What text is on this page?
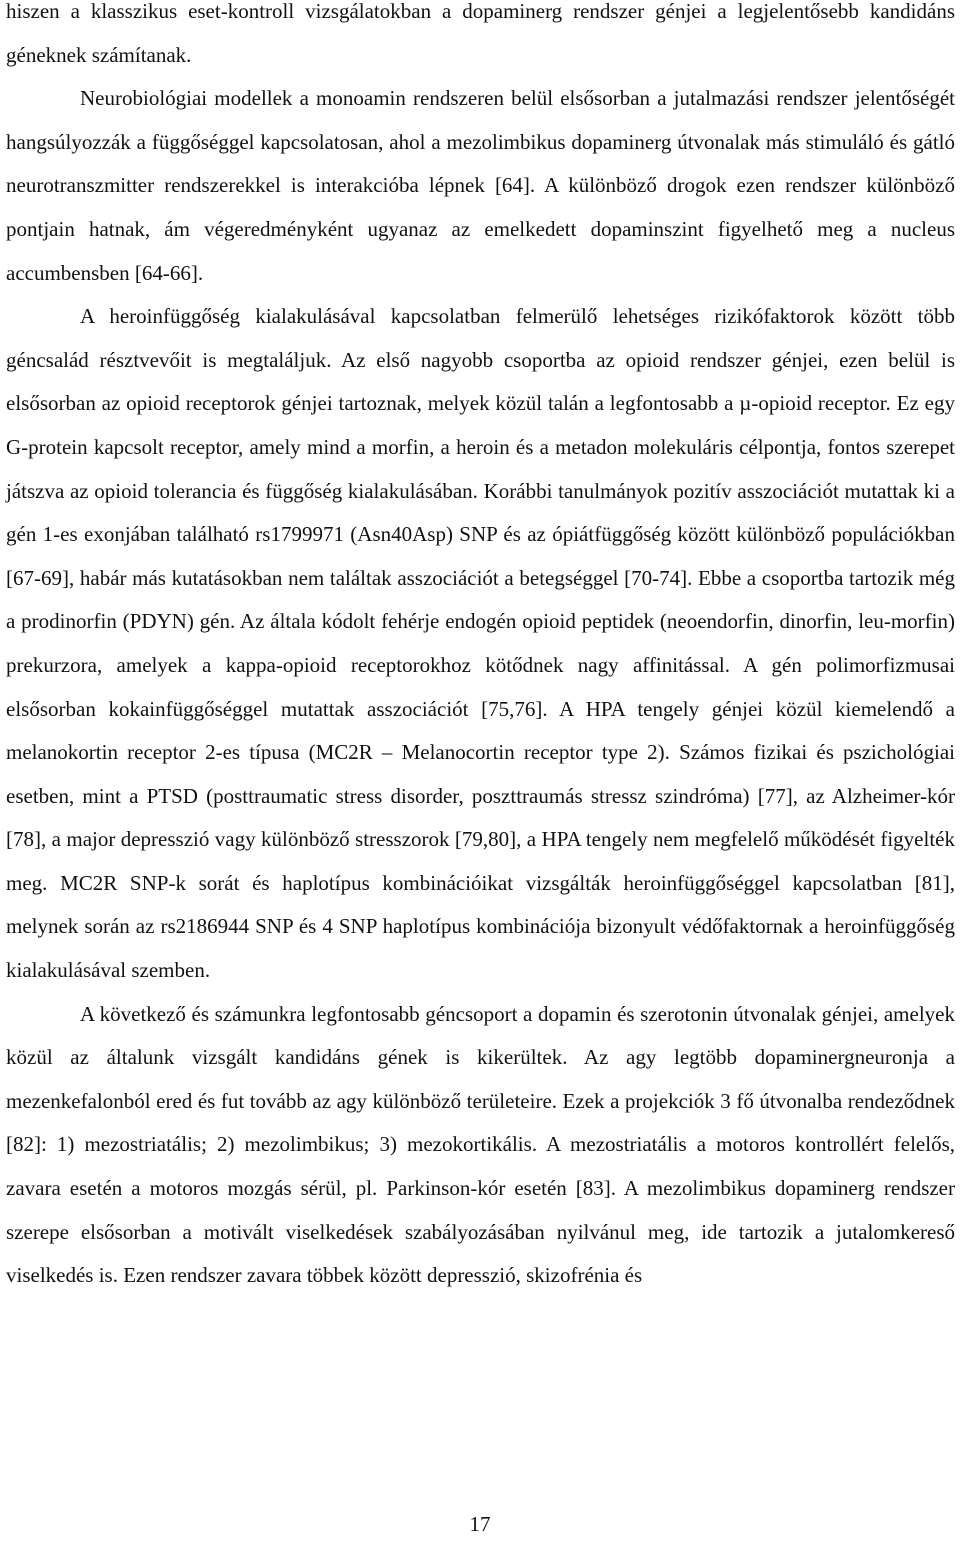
hiszen a klasszikus eset-kontroll vizsgálatokban a dopaminerg rendszer génjei a legjelentősebb kandidáns géneknek számítanak.

Neurobiológiai modellek a monoamin rendszeren belül elsősorban a jutalmazási rendszer jelentőségét hangsúlyozzák a függőséggel kapcsolatosan, ahol a mezolimbikus dopaminerg útvonalak más stimuláló és gátló neurotranszmitter rendszerekkel is interakcióba lépnek [64]. A különböző drogok ezen rendszer különböző pontjain hatnak, ám végeredményként ugyanaz az emelkedett dopaminszint figyelhető meg a nucleus accumbensben [64-66].

A heroinfüggőség kialakulásával kapcsolatban felmerülő lehetséges rizikófaktorok között több géncsalád résztvevőit is megtaláljuk. Az első nagyobb csoportba az opioid rendszer génjei, ezen belül is elsősorban az opioid receptorok génjei tartoznak, melyek közül talán a legfontosabb a µ-opioid receptor. Ez egy G-protein kapcsolt receptor, amely mind a morfin, a heroin és a metadon molekuláris célpontja, fontos szerepet játszva az opioid tolerancia és függőség kialakulásában. Korábbi tanulmányok pozitív asszociációt mutattak ki a gén 1-es exonjában található rs1799971 (Asn40Asp) SNP és az ópiátfüggőség között különböző populációkban [67-69], habár más kutatásokban nem találtak asszociációt a betegséggel [70-74]. Ebbe a csoportba tartozik még a prodinorfin (PDYN) gén. Az általa kódolt fehérje endogén opioid peptidek (neoendorfin, dinorfin, leu-morfin) prekurzora, amelyek a kappa-opioid receptorokhoz kötődnek nagy affinitással. A gén polimorfizmusai elsősorban kokainfüggőséggel mutattak asszociációt [75,76]. A HPA tengely génjei közül kiemelendő a melanokortin receptor 2-es típusa (MC2R – Melanocortin receptor type 2). Számos fizikai és pszichológiai esetben, mint a PTSD (posttraumatic stress disorder, poszttraumás stressz szindróma) [77], az Alzheimer-kór [78], a major depresszió vagy különböző stresszorok [79,80], a HPA tengely nem megfelelő működését figyelték meg. MC2R SNP-k sorát és haplotípus kombinációikat vizsgálták heroinfüggőséggel kapcsolatban [81], melynek során az rs2186944 SNP és 4 SNP haplotípus kombinációja bizonyult védőfaktornak a heroinfüggőség kialakulásával szemben.

A következő és számunkra legfontosabb géncsoport a dopamin és szerotonin útvonalak génjei, amelyek közül az általunk vizsgált kandidáns gének is kikerültek. Az agy legtöbb dopaminergneuronja a mezenkefalonból ered és fut tovább az agy különböző területeire. Ezek a projekciók 3 fő útvonalba rendeződnek [82]: 1) mezostriatális; 2) mezolimbikus; 3) mezokortikális. A mezostriatális a motoros kontrollért felelős, zavara esetén a motoros mozgás sérül, pl. Parkinson-kór esetén [83]. A mezolimbikus dopaminerg rendszer szerepe elsősorban a motivált viselkedések szabályozásában nyilvánul meg, ide tartozik a jutalomkereső viselkedés is. Ezen rendszer zavara többek között depresszió, skizofrénia és

17
